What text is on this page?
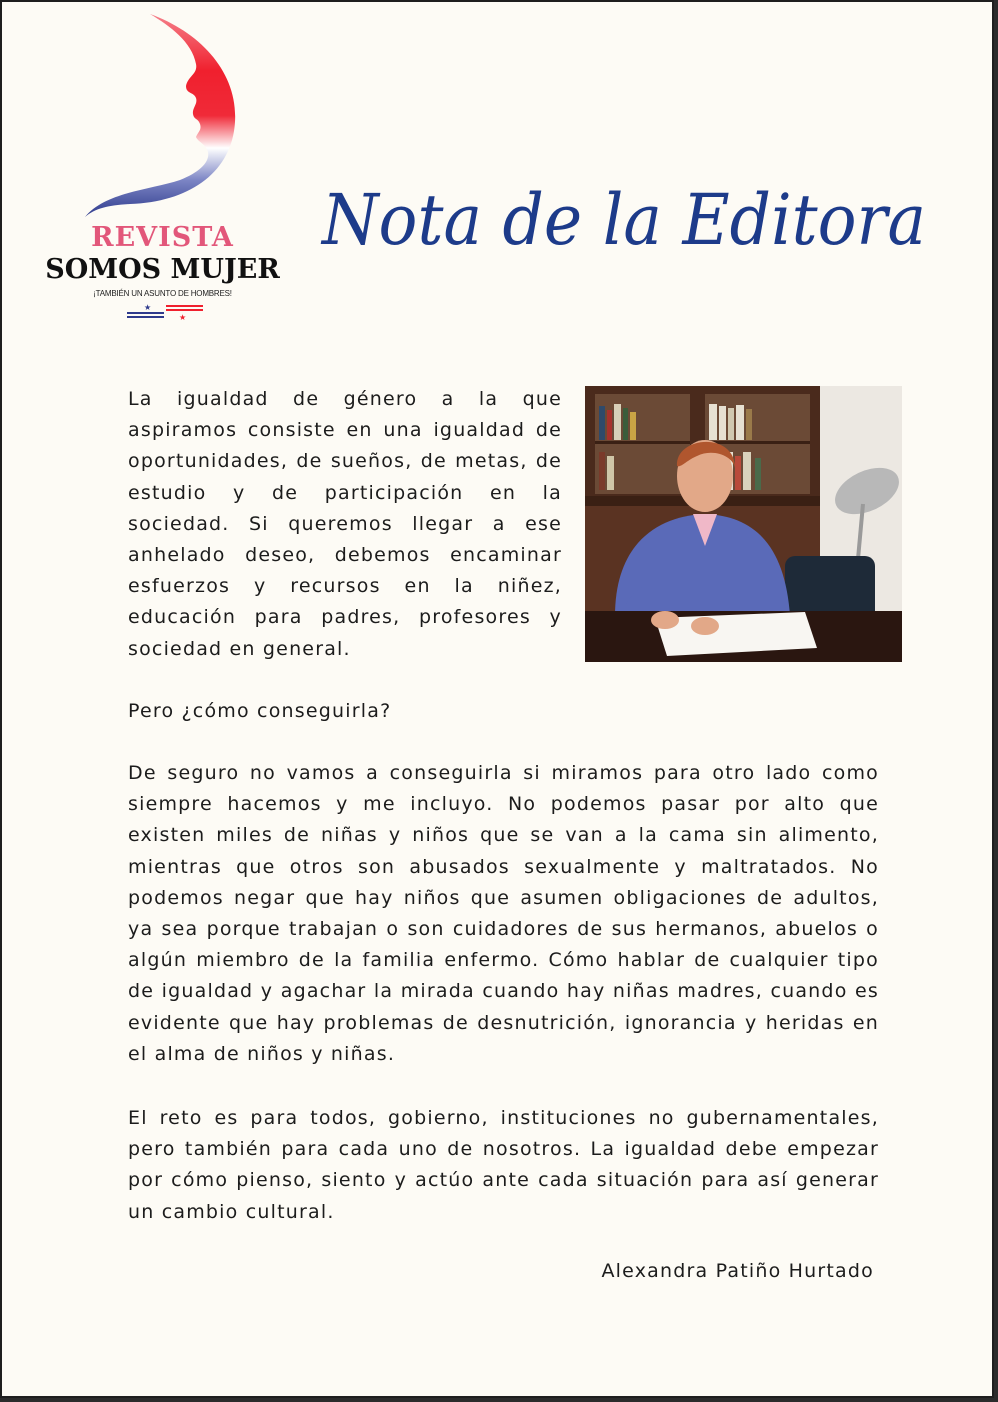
REVISTA
SOMOS MUJER
¡TAMBIÉN UN ASUNTO DE HOMBRES!
★
★
Nota de la Editora

La igualdad de género a la que aspiramos consiste en una igualdad de oportunidades, de sueños, de metas, de estudio y de participación en la sociedad. Si queremos llegar a ese anhelado deseo, debemos encaminar esfuerzos y recursos en la niñez, educación para padres, profesores y sociedad en general.

Pero ¿cómo conseguirla?

De seguro no vamos a conseguirla si miramos para otro lado como siempre hacemos y me incluyo. No podemos pasar por alto que existen miles de niñas y niños que se van a la cama sin alimento, mientras que otros son abusados sexualmente y maltratados. No podemos negar que hay niños que asumen obligaciones de adultos, ya sea porque trabajan o son cuidadores de sus hermanos, abuelos o algún miembro de la familia enfermo. Cómo hablar de cualquier tipo de igualdad y agachar la mirada cuando hay niñas madres, cuando es evidente que hay problemas de desnutrición, ignorancia y heridas en el alma de niños y niñas.

El reto es para todos, gobierno, instituciones no gubernamentales, pero también para cada uno de nosotros. La igualdad debe empezar por cómo pienso, siento y actúo ante cada situación para así generar un cambio cultural.

Alexandra Patiño Hurtado
